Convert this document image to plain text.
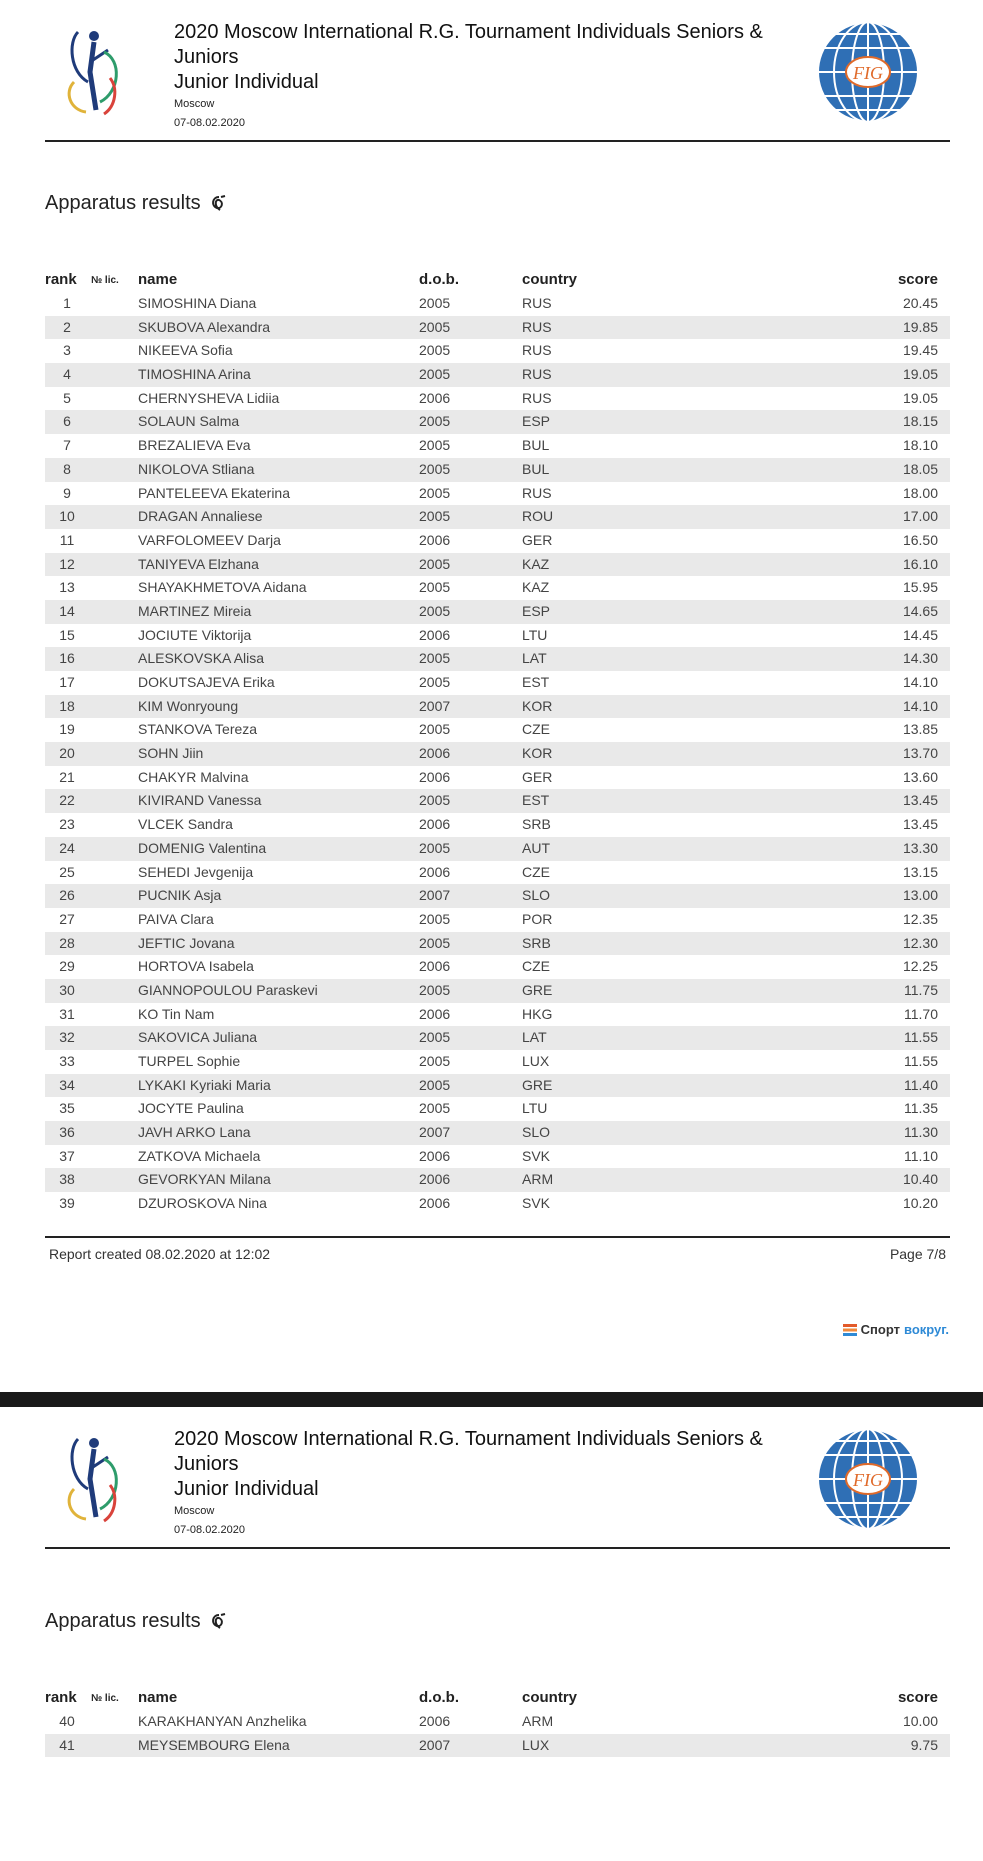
2020 Moscow International R.G. Tournament Individuals Seniors &
Juniors
Junior Individual
Moscow
07-08.02.2020
FIG
Apparatus results
rank	№ lic. name	d.o.b.	country	score
1	SIMOSHINA Diana	2005	RUS	20.45
2	SKUBOVA Alexandra	2005	RUS	19.85
3	NIKEEVA Sofia	2005	RUS	19.45
4	TIMOSHINA Arina	2005	RUS	19.05
5	CHERNYSHEVA Lidiia	2006	RUS	19.05
6	SOLAUN Salma	2005	ESP	18.15
7	BREZALIEVA Eva	2005	BUL	18.10
8	NIKOLOVA Stliana	2005	BUL	18.05
9	PANTELEEVA Ekaterina	2005	RUS	18.00
10	DRAGAN Annaliese	2005	ROU	17.00
11	VARFOLOMEEV Darja	2006	GER	16.50
12	TANIYEVA Elzhana	2005	KAZ	16.10
13	SHAYAKHMETOVA Aidana	2005	KAZ	15.95
14	MARTINEZ Mireia	2005	ESP	14.65
15	JOCIUTE Viktorija	2006	LTU	14.45
16	ALESKOVSKA Alisa	2005	LAT	14.30
17	DOKUTSAJEVA Erika	2005	EST	14.10
18	KIM Wonryoung	2007	KOR	14.10
19	STANKOVA Tereza	2005	CZE	13.85
20	SOHN Jiin	2006	KOR	13.70
21	CHAKYR Malvina	2006	GER	13.60
22	KIVIRAND Vanessa	2005	EST	13.45
23	VLCEK Sandra	2006	SRB	13.45
24	DOMENIG Valentina	2005	AUT	13.30
25	SEHEDI Jevgenija	2006	CZE	13.15
26	PUCNIK Asja	2007	SLO	13.00
27	PAIVA Clara	2005	POR	12.35
28	JEFTIC Jovana	2005	SRB	12.30
29	HORTOVA Isabela	2006	CZE	12.25
30	GIANNOPOULOU Paraskevi	2005	GRE	11.75
31	KO Tin Nam	2006	HKG	11.70
32	SAKOVICA Juliana	2005	LAT	11.55
33	TURPEL Sophie	2005	LUX	11.55
34	LYKAKI Kyriaki Maria	2005	GRE	11.40
35	JOCYTE Paulina	2005	LTU	11.35
36	JAVH ARKO Lana	2007	SLO	11.30
37	ZATKOVA Michaela	2006	SVK	11.10
38	GEVORKYAN Milana	2006	ARM	10.40
39	DZUROSKOVA Nina	2006	SVK	10.20
Report created 08.02.2020 at 12:02	Page 7/8
Спорт вокруг.
2020 Moscow International R.G. Tournament Individuals Seniors &
Juniors
Junior Individual
Moscow
07-08.02.2020
FIG
Apparatus results
rank	№ lic. name	d.o.b.	country	score
40	KARAKHANYAN Anzhelika	2006	ARM	10.00
41	MEYSEMBOURG Elena	2007	LUX	9.75
